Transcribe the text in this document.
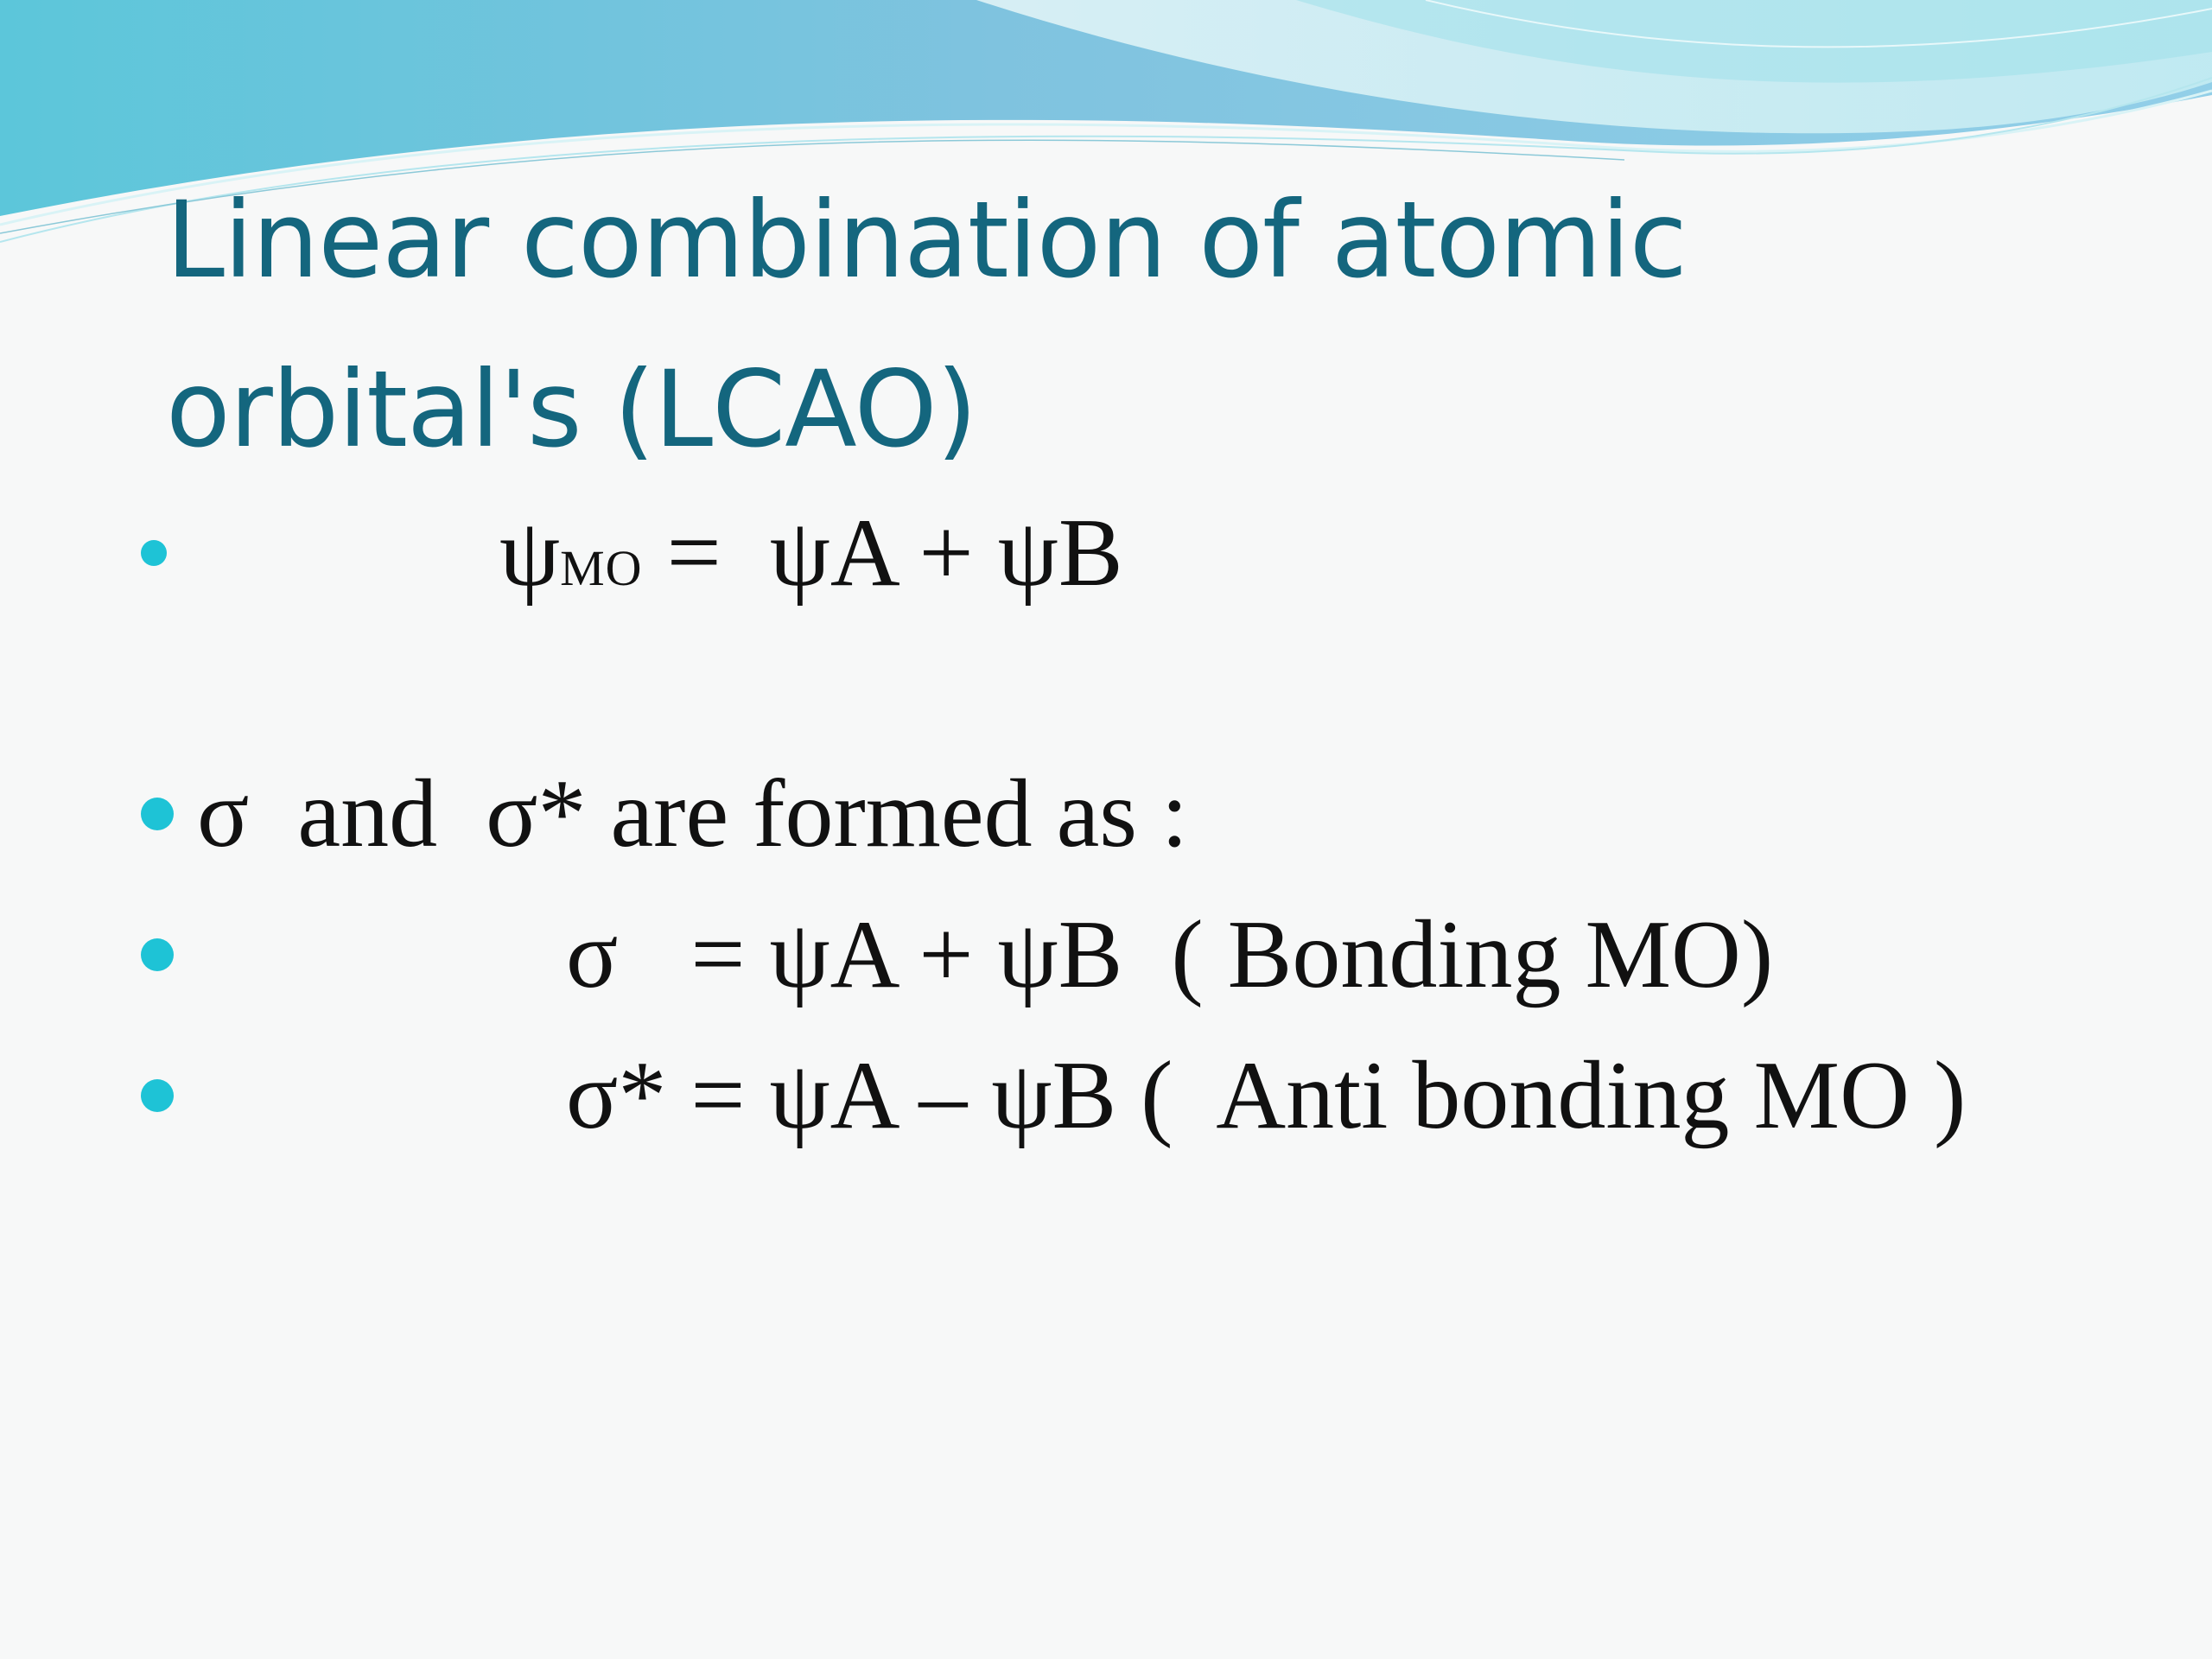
Linear combination of atomic
orbital's (LCAO)
ψMO =  ψA + ψB
σ  and  σ* are formed as :
σ   = ψA + ψB  ( Bonding MO)
σ* = ψA – ψB (  Anti bonding MO )
